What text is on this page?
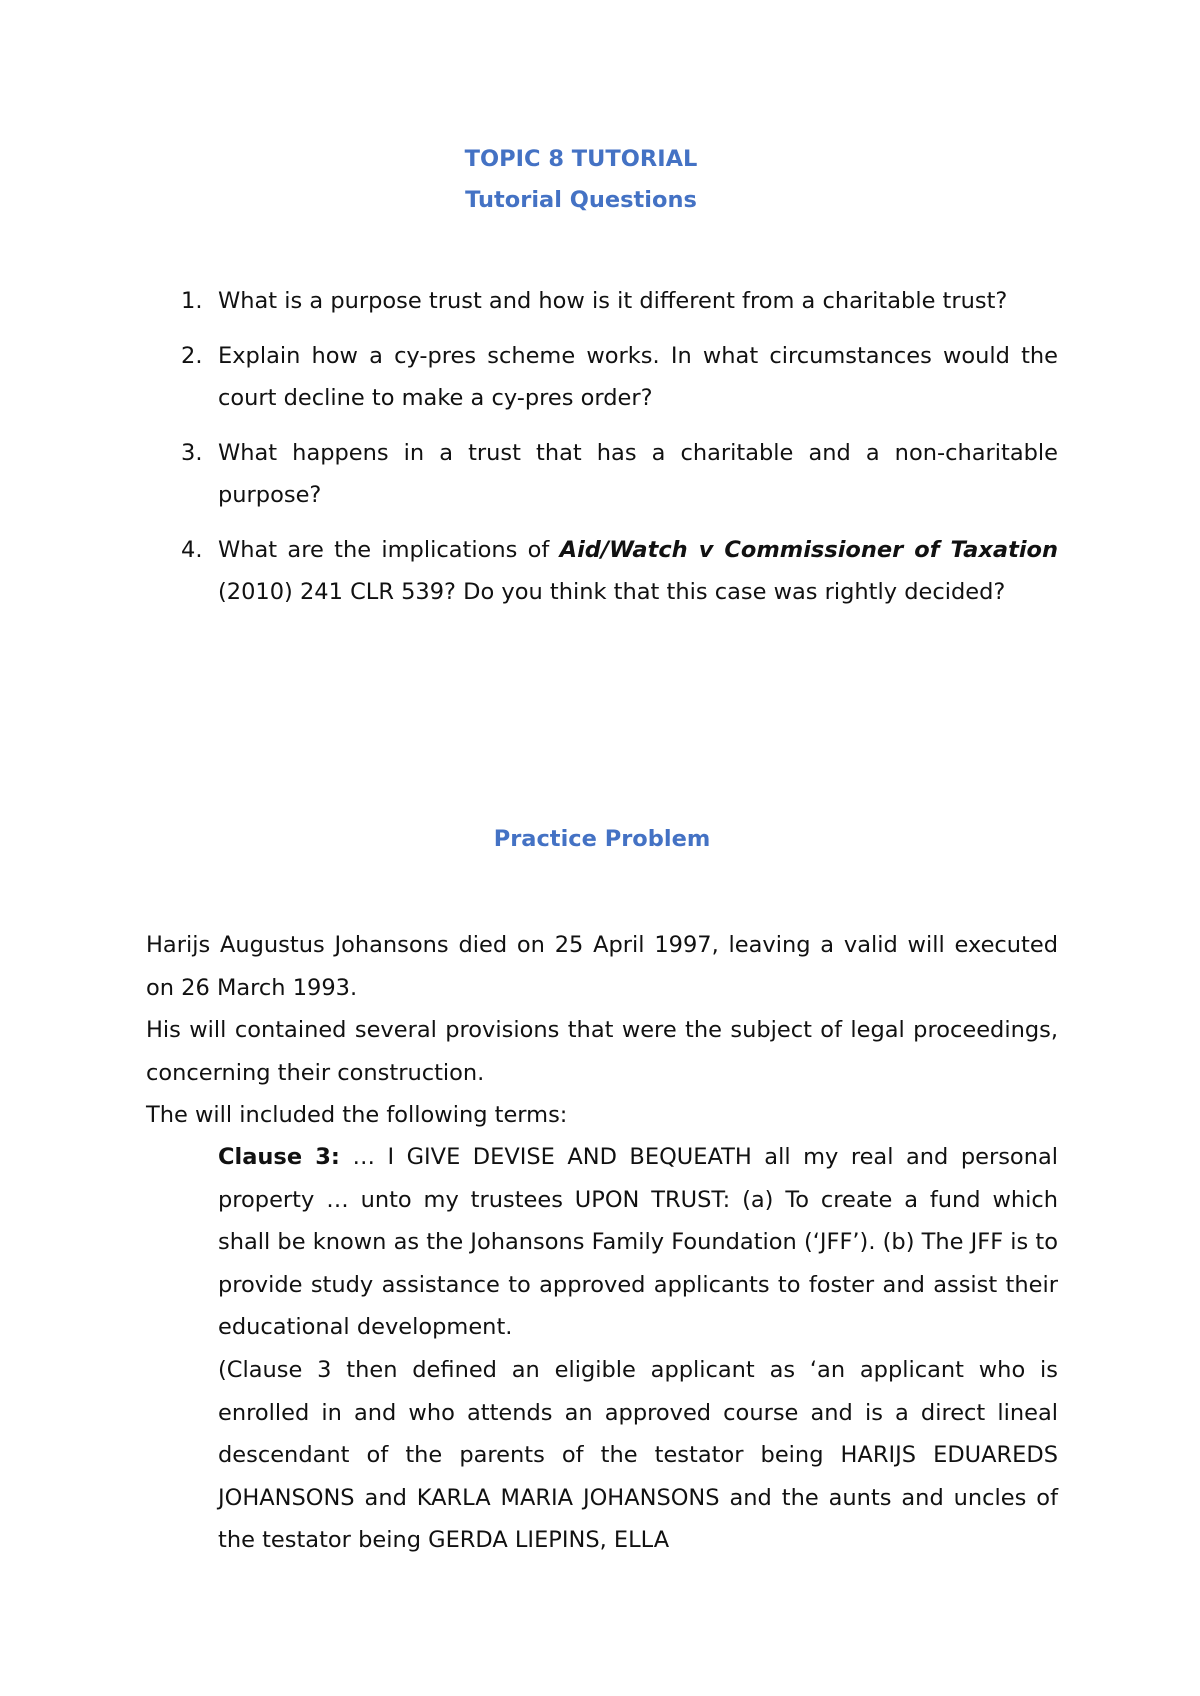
TOPIC 8 TUTORIAL
Tutorial Questions
1. What is a purpose trust and how is it different from a charitable trust?
2. Explain how a cy-pres scheme works. In what circumstances would the court decline to make a cy-pres order?
3. What happens in a trust that has a charitable and a non-charitable purpose?
4. What are the implications of Aid/Watch v Commissioner of Taxation (2010) 241 CLR 539? Do you think that this case was rightly decided?
Practice Problem

Harijs Augustus Johansons died on 25 April 1997, leaving a valid will executed on 26 March 1993.

His will contained several provisions that were the subject of legal proceedings, concerning their construction.

The will included the following terms:

Clause 3: … I GIVE DEVISE AND BEQUEATH all my real and personal property … unto my trustees UPON TRUST: (a) To create a fund which shall be known as the Johansons Family Foundation (‘JFF’). (b) The JFF is to provide study assistance to approved applicants to foster and assist their educational development.

(Clause 3 then defined an eligible applicant as ‘an applicant who is enrolled in and who attends an approved course and is a direct lineal descendant of the parents of the testator being HARIJS EDUAREDS JOHANSONS and KARLA MARIA JOHANSONS and the aunts and uncles of the testator being GERDA LIEPINS, ELLA
